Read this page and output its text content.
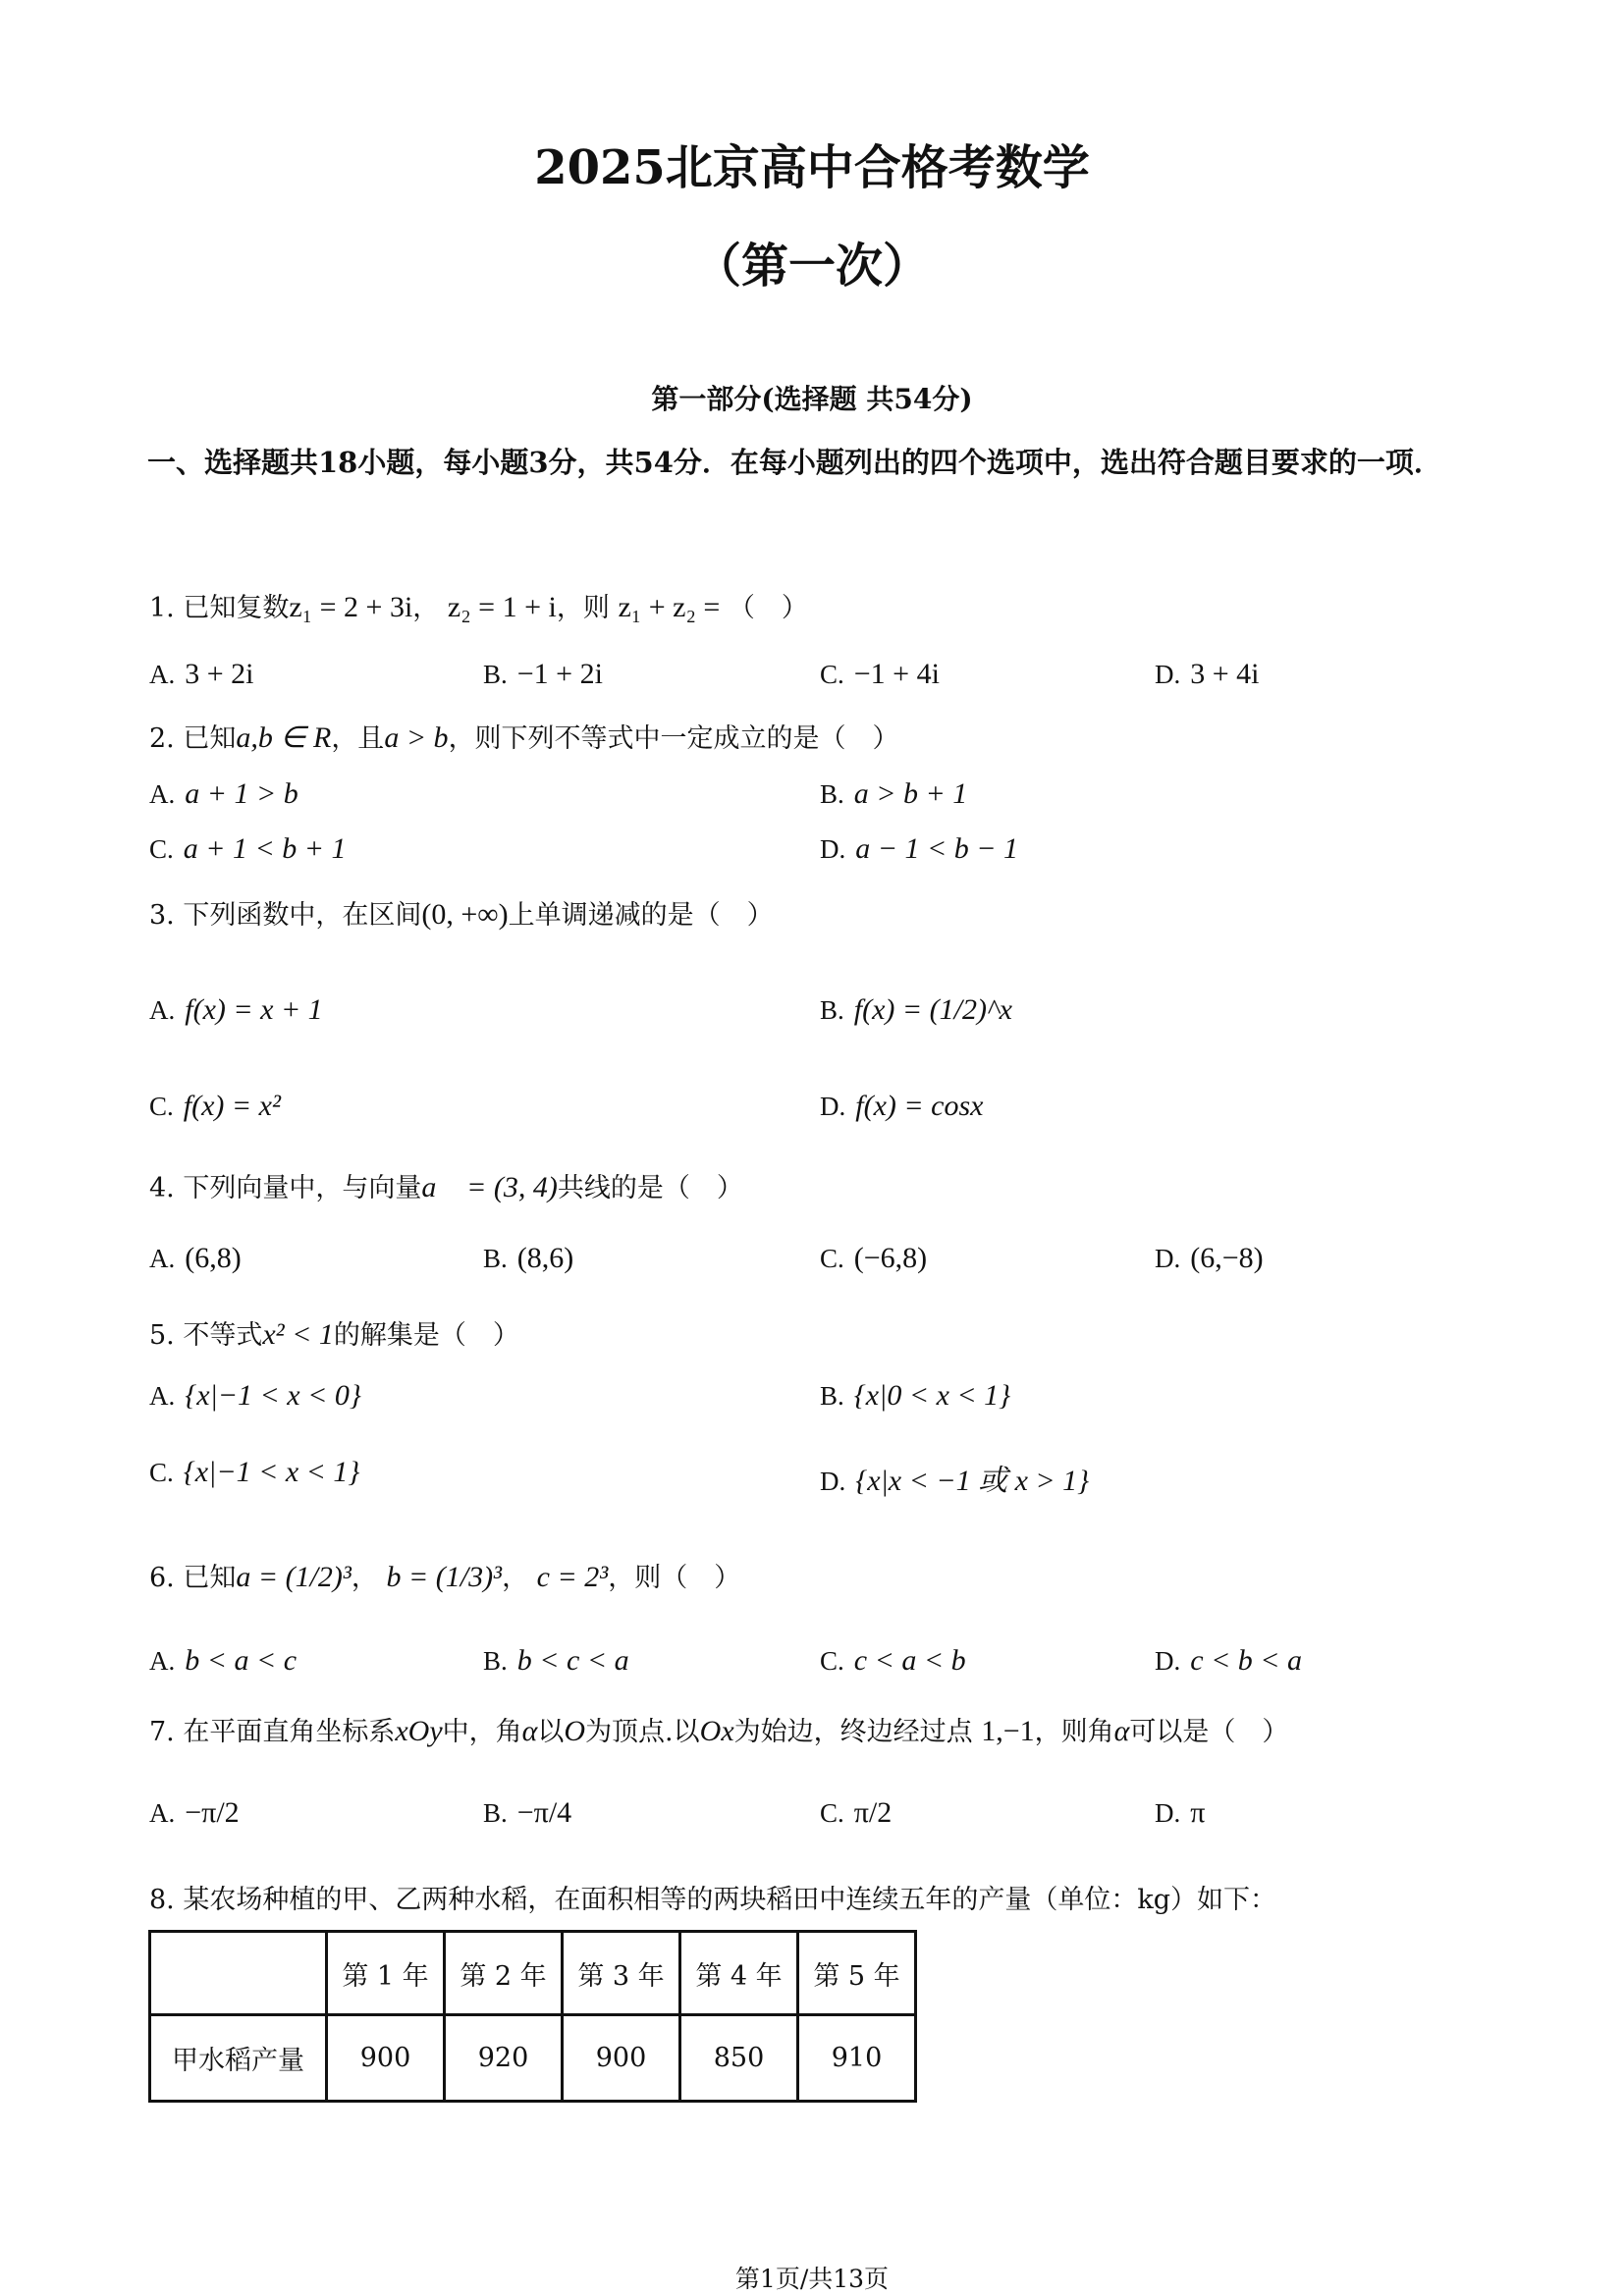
2025北京高中合格考数学
（第一次）
第一部分(选择题 共54分)
一、选择题共18小题，每小题3分，共54分．在每小题列出的四个选项中，选出符合题目要求的一项．
1. 已知复数z₁ = 2 + 3i， z₂ = 1 + i，则 z₁ + z₂ = （　）
A. 3 + 2i	B. −1 + 2i	C. −1 + 4i	D. 3 + 4i
2. 已知a,b ∈ R，且a > b，则下列不等式中一定成立的是（　）
A. a + 1 > b	B. a > b + 1
C. a + 1 < b + 1	D. a − 1 < b − 1
3. 下列函数中，在区间(0, +∞)上单调递减的是（　）
A. f(x) = x + 1	B. f(x) = (1/2)^x
C. f(x) = x²	D. f(x) = cosx
4. 下列向量中，与向量a⃗ = (3, 4)共线的是（　）
A. (6,8)	B. (8,6)	C. (−6,8)	D. (6,−8)
5. 不等式x² < 1的解集是（　）
A. {x|−1 < x < 0}	B. {x|0 < x < 1}
C. {x|−1 < x < 1}	D. {x|x < −1 或 x > 1}
6. 已知a = (1/2)³， b = (1/3)³， c = 2³，则（　）
A. b < a < c	B. b < c < a	C. c < a < b	D. c < b < a
7. 在平面直角坐标系xOy中，角α以O为顶点.以Ox为始边，终边经过点 1,−1，则角α可以是（　）
A. −π/2	B. −π/4	C. π/2	D. π
8. 某农场种植的甲、乙两种水稻，在面积相等的两块稻田中连续五年的产量（单位：kg）如下：
	第 1 年	第 2 年	第 3 年	第 4 年	第 5 年
甲水稻产量	900	920	900	850	910
第1页/共13页
